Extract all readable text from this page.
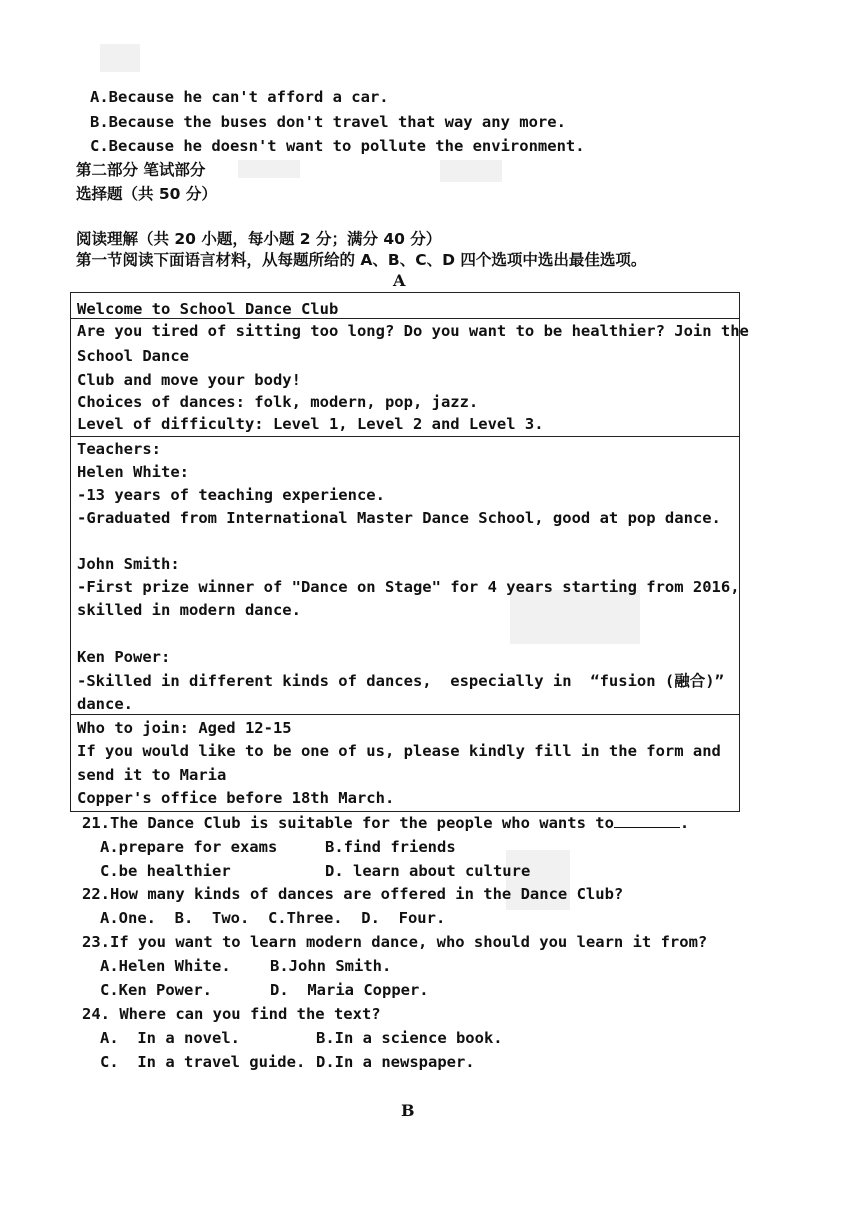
A.Because he can't afford a car.
B.Because the buses don't travel that way any more.
C.Because he doesn't want to pollute the environment.
第二部分 笔试部分
选择题（共 50 分）
阅读理解（共 20 小题，每小题 2 分；满分 40 分）
第一节阅读下面语言材料，从每题所给的 A、B、C、D 四个选项中选出最佳选项。
A
Welcome to School Dance Club
Are you tired of sitting too long? Do you want to be healthier? Join the
School Dance
Club and move your body!
Choices of dances: folk, modern, pop, jazz.
Level of difficulty: Level 1, Level 2 and Level 3.
Teachers:
Helen White:
-13 years of teaching experience.
-Graduated from International Master Dance School, good at pop dance.
John Smith:
-First prize winner of "Dance on Stage" for 4 years starting from 2016,
skilled in modern dance.
Ken Power:
-Skilled in different kinds of dances,  especially in  “fusion (融合)”
dance.
Who to join: Aged 12-15
If you would like to be one of us, please kindly fill in the form and
send it to Maria
Copper's office before 18th March.
21.The Dance Club is suitable for the people who wants to	.
A.prepare for exams	B.find friends
C.be healthier	D. learn about culture
22.How many kinds of dances are offered in the Dance Club?
A.One.  B.  Two.  C.Three.  D.  Four.
23.If you want to learn modern dance, who should you learn it from?
A.Helen White.	B.John Smith.
C.Ken Power.	D.  Maria Copper.
24. Where can you find the text?
A.  In a novel.	B.In a science book.
C.  In a travel guide. D.In a newspaper.
B
